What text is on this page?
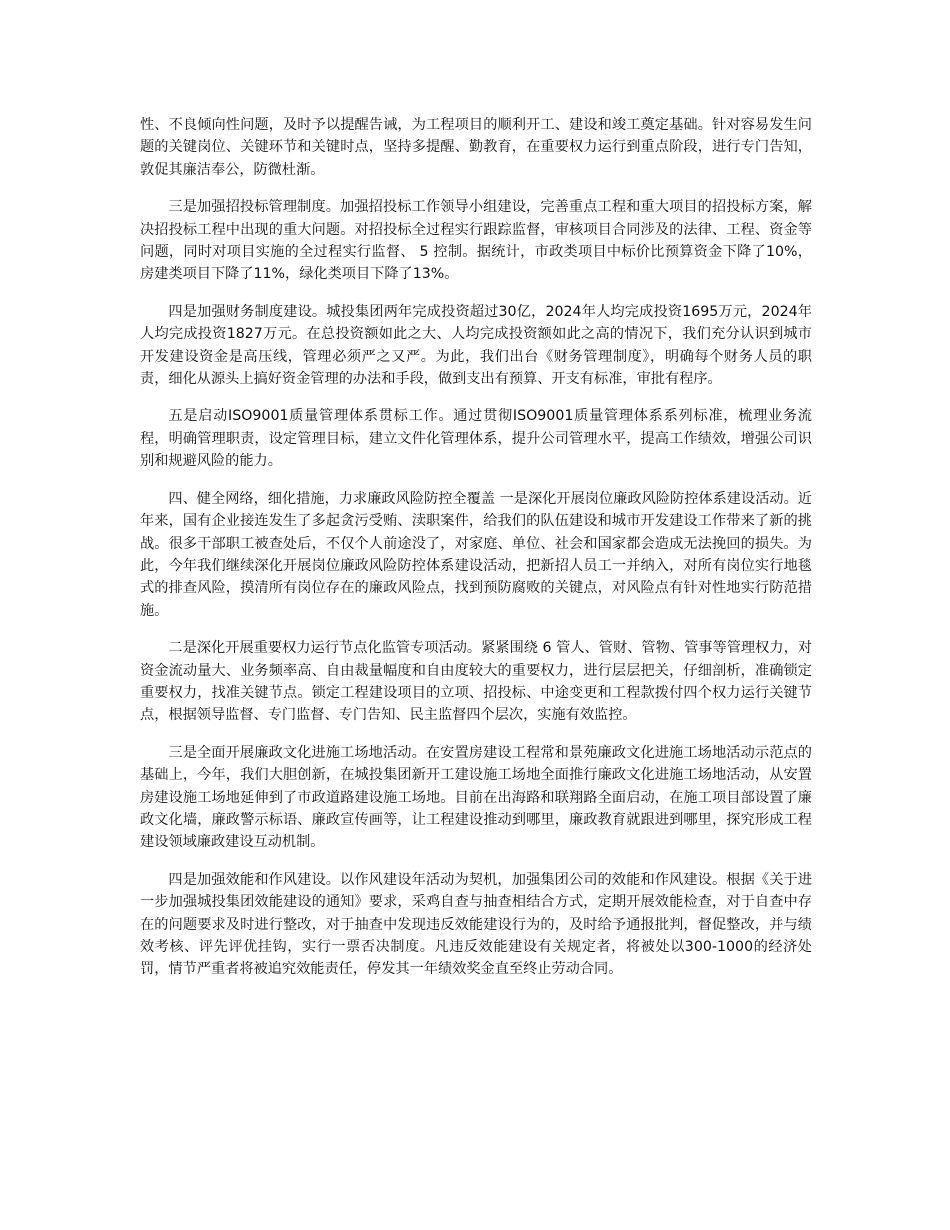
性、不良倾向性问题，及时予以提醒告诫，为工程项目的顺利开工、建设和竣工奠定基础。针对容易发生问题的关键岗位、关键环节和关键时点，坚持多提醒、勤教育，在重要权力运行到重点阶段，进行专门告知，敦促其廉洁奉公，防微杜渐。

三是加强招投标管理制度。加强招投标工作领导小组建设，完善重点工程和重大项目的招投标方案，解决招投标工程中出现的重大问题。对招投标全过程实行跟踪监督，审核项目合同涉及的法律、工程、资金等问题，同时对项目实施的全过程实行监督、 5 控制。据统计，市政类项目中标价比预算资金下降了10%，房建类项目下降了11%，绿化类项目下降了13%。

四是加强财务制度建设。城投集团两年完成投资超过30亿，2024年人均完成投资1695万元，2024年人均完成投资1827万元。在总投资额如此之大、人均完成投资额如此之高的情况下，我们充分认识到城市开发建设资金是高压线，管理必须严之又严。为此，我们出台《财务管理制度》，明确每个财务人员的职责，细化从源头上搞好资金管理的办法和手段，做到支出有预算、开支有标准，审批有程序。

五是启动ISO9001质量管理体系贯标工作。通过贯彻ISO9001质量管理体系系列标准，梳理业务流程，明确管理职责，设定管理目标，建立文件化管理体系，提升公司管理水平，提高工作绩效，增强公司识别和规避风险的能力。

四、健全网络，细化措施，力求廉政风险防控全覆盖 一是深化开展岗位廉政风险防控体系建设活动。近年来，国有企业接连发生了多起贪污受贿、渎职案件，给我们的队伍建设和城市开发建设工作带来了新的挑战。很多干部职工被查处后，不仅个人前途没了，对家庭、单位、社会和国家都会造成无法挽回的损失。为此，今年我们继续深化开展岗位廉政风险防控体系建设活动，把新招人员工一并纳入，对所有岗位实行地毯式的排查风险，摸清所有岗位存在的廉政风险点，找到预防腐败的关键点，对风险点有针对性地实行防范措施。

二是深化开展重要权力运行节点化监管专项活动。紧紧围绕 6 管人、管财、管物、管事等管理权力，对资金流动量大、业务频率高、自由裁量幅度和自由度较大的重要权力，进行层层把关，仔细剖析，准确锁定重要权力，找准关键节点。锁定工程建设项目的立项、招投标、中途变更和工程款拨付四个权力运行关键节点，根据领导监督、专门监督、专门告知、民主监督四个层次，实施有效监控。

三是全面开展廉政文化进施工场地活动。在安置房建设工程常和景苑廉政文化进施工场地活动示范点的基础上，今年，我们大胆创新，在城投集团新开工建设施工场地全面推行廉政文化进施工场地活动，从安置房建设施工场地延伸到了市政道路建设施工场地。目前在出海路和联翔路全面启动，在施工项目部设置了廉政文化墙，廉政警示标语、廉政宣传画等，让工程建设推动到哪里，廉政教育就跟进到哪里，探究形成工程建设领域廉政建设互动机制。

四是加强效能和作风建设。以作风建设年活动为契机，加强集团公司的效能和作风建设。根据《关于进一步加强城投集团效能建设的通知》要求，采鸡自查与抽查相结合方式，定期开展效能检查，对于自查中存在的问题要求及时进行整改，对于抽查中发现违反效能建设行为的，及时给予通报批判，督促整改，并与绩效考核、评先评优挂钩，实行一票否决制度。凡违反效能建设有关规定者，将被处以300-1000的经济处罚，情节严重者将被追究效能责任，停发其一年绩效奖金直至终止劳动合同。
